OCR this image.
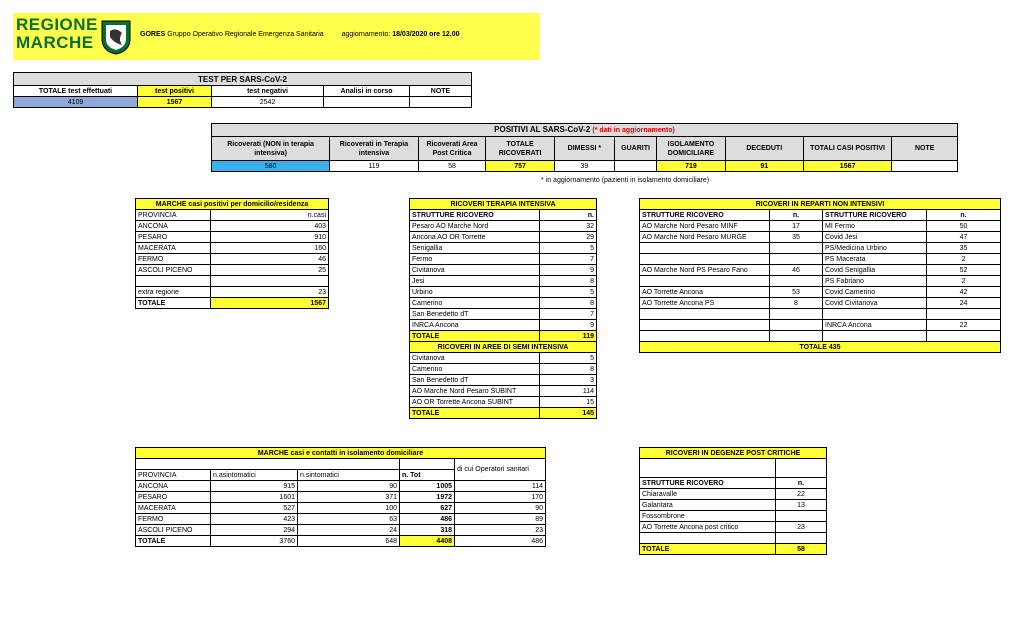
REGIONE
MARCHE	GORES Gruppo Operativo Regionale Emergenza Sanitaria	aggiornamento: 18/03/2020 ore 12.00
TEST PER SARS-CoV-2				
TOTALE test effettuati	test positivi	test negativi	Analisi in corso	NOTE
4109	1567	2542		
POSITIVI AL SARS-CoV-2 (* dati in aggiornamento)									
Ricoverati (NON in terapia intensiva)	Ricoverati in Terapia intensiva	Ricoverati Area Post Critica	TOTALE RICOVERATI	DIMESSI *	GUARITI	ISOLAMENTO DOMICILIARE	DECEDUTI	TOTALI CASI POSITIVI	NOTE
580	119	58	757	39		719	91	1567	
* in aggiornamento (pazienti in isolamento domiciliare)
MARCHE casi positivi per domicilio/residenza	
PROVINCIA	n.casi
ANCONA	403
PESARO	910
MACERATA	160
FERMO	46
ASCOLI PICENO	25

extra regione	23
TOTALE	1567
RICOVERI TERAPIA INTENSIVA	
STRUTTURE RICOVERO	n.
Pesaro AO Marche Nord	32
Ancona AO OR Torrette	29
Senigallia	5
Fermo	7
Civitanova	9
Jesi	8
Urbino	5
Camerino	8
San Benedetto dT	7
INRCA Ancona	9
TOTALE	119
RICOVERI IN AREE DI SEMI INTENSIVA	
Civitanova	5
Camerino	8
San Benedetto dT	3
AO Marche Nord Pesaro SUBINT	114
AO OR Torrette Ancona SUBINT	15
TOTALE	145
RICOVERI IN REPARTI NON INTENSIVI			
STRUTTURE RICOVERO	n.	STRUTTURE RICOVERO	n.
AO Marche Nord Pesaro MINF	17	MI Fermo	50
AO Marche Nord Pesaro MURGE	35	Covid Jesi	47
		PS/Medicina Urbino	35
		PS Macerata	2
AO Marche Nord PS Pesaro Fano	46	Covid Senigallia	52
		PS Fabriano	2
AO Torrette Ancona	53	Covid Camerino	42
AO Torrette Ancona PS	8	Covid Civitanova	24

		INRCA Ancona	22

TOTALE 435			
MARCHE casi e contatti in isolamento domiciliare				
				di cui Operatori sanitari
PROVINCIA	n.asintomatici	n.sintomatici	n. Tot	
ANCONA	915	90	1005	114
PESARO	1601	371	1972	170
MACERATA	527	100	627	90
FERMO	423	63	486	89
ASCOLI PICENO	294	24	318	23
TOTALE	3760	648	4408	486
RICOVERI IN DEGENZE POST CRITICHE	

STRUTTURE RICOVERO	n.
Chiaravalle	22
Galantara	13
Fossombrone	
AO Torrette Ancona post critico	23

TOTALE	58
